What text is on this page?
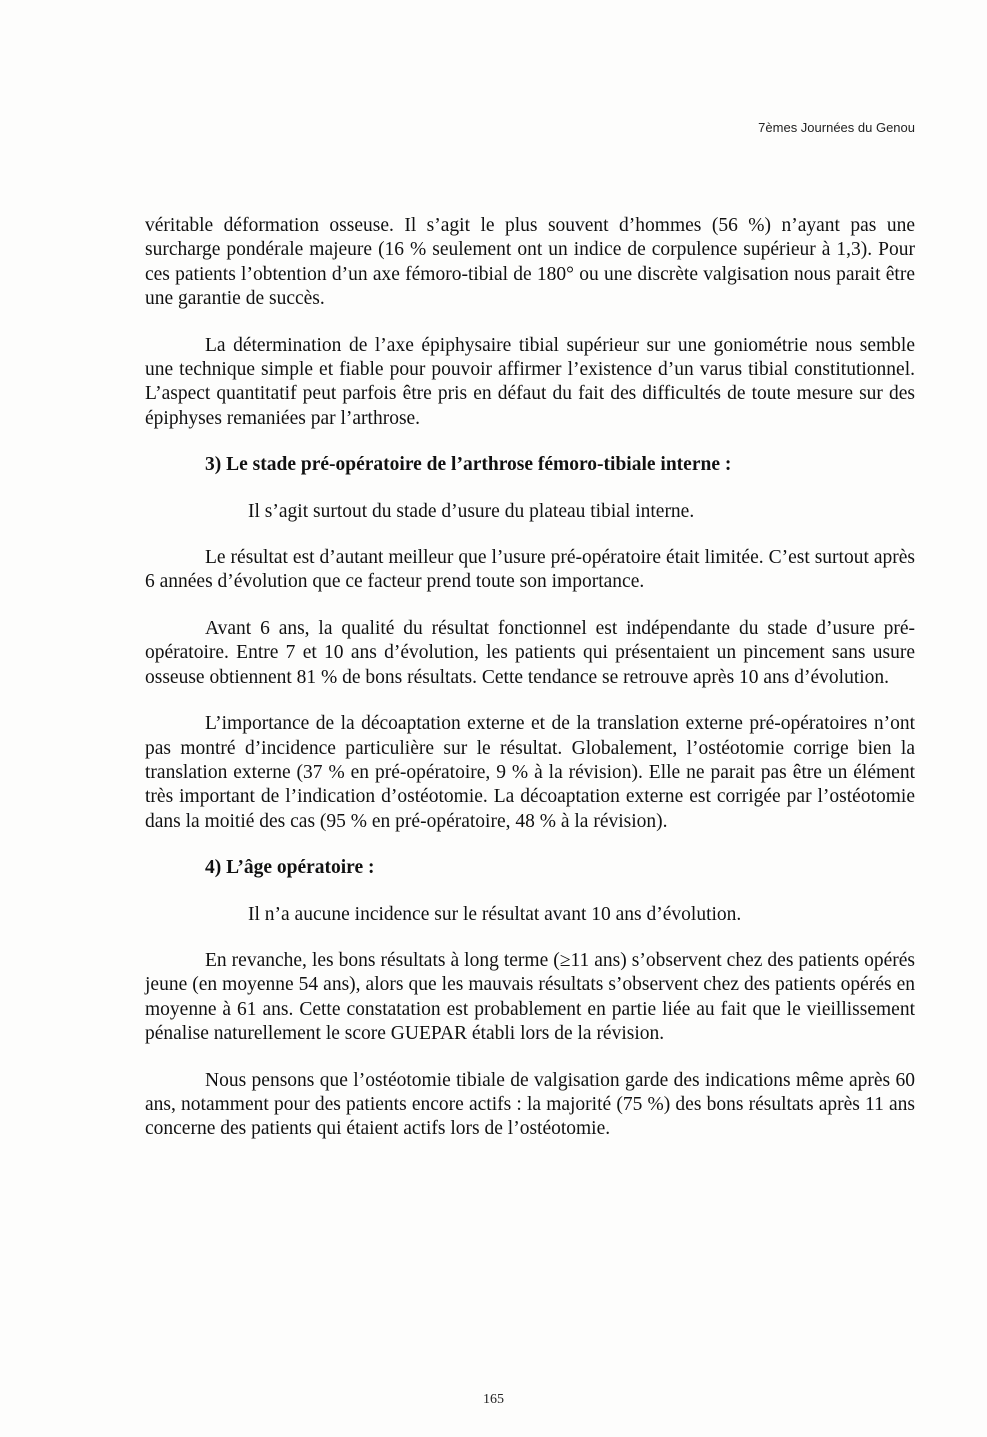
7èmes Journées du Genou

véritable déformation osseuse. Il s’agit le plus souvent d’hommes (56 %) n’ayant pas une surcharge pondérale majeure (16 % seulement ont un indice de corpulence supérieur à 1,3). Pour ces patients l’obtention d’un axe fémoro-tibial de 180° ou une discrète valgisation nous parait être une garantie de succès.

La détermination de l’axe épiphysaire tibial supérieur sur une goniométrie nous semble une technique simple et fiable pour pouvoir affirmer l’existence d’un varus tibial constitutionnel. L’aspect quantitatif peut parfois être pris en défaut du fait des difficultés de toute mesure sur des épiphyses remaniées par l’arthrose.

3) Le stade pré-opératoire de l’arthrose fémoro-tibiale interne :

Il s’agit surtout du stade d’usure du plateau tibial interne.

Le résultat est d’autant meilleur que l’usure pré-opératoire était limitée. C’est surtout après 6 années d’évolution que ce facteur prend toute son importance.

Avant 6 ans, la qualité du résultat fonctionnel est indépendante du stade d’usure pré-opératoire. Entre 7 et 10 ans d’évolution, les patients qui présentaient un pincement sans usure osseuse obtiennent 81 % de bons résultats. Cette tendance se retrouve après 10 ans d’évolution.

L’importance de la décoaptation externe et de la translation externe pré-opératoires n’ont pas montré d’incidence particulière sur le résultat. Globalement, l’ostéotomie corrige bien la translation externe (37 % en pré-opératoire, 9 % à la révision). Elle ne parait pas être un élément très important de l’indication d’ostéotomie. La décoaptation externe est corrigée par l’ostéotomie dans la moitié des cas (95 % en pré-opératoire, 48 % à la révision).

4) L’âge opératoire :

Il n’a aucune incidence sur le résultat avant 10 ans d’évolution.

En revanche, les bons résultats à long terme (≥11 ans) s’observent chez des patients opérés jeune (en moyenne 54 ans), alors que les mauvais résultats s’observent chez des patients opérés en moyenne à 61 ans. Cette constatation est probablement en partie liée au fait que le vieillissement pénalise naturellement le score GUEPAR établi lors de la révision.

Nous pensons que l’ostéotomie tibiale de valgisation garde des indications même après 60 ans, notamment pour des patients encore actifs : la majorité (75 %) des bons résultats après 11 ans concerne des patients qui étaient actifs lors de l’ostéotomie.

165
